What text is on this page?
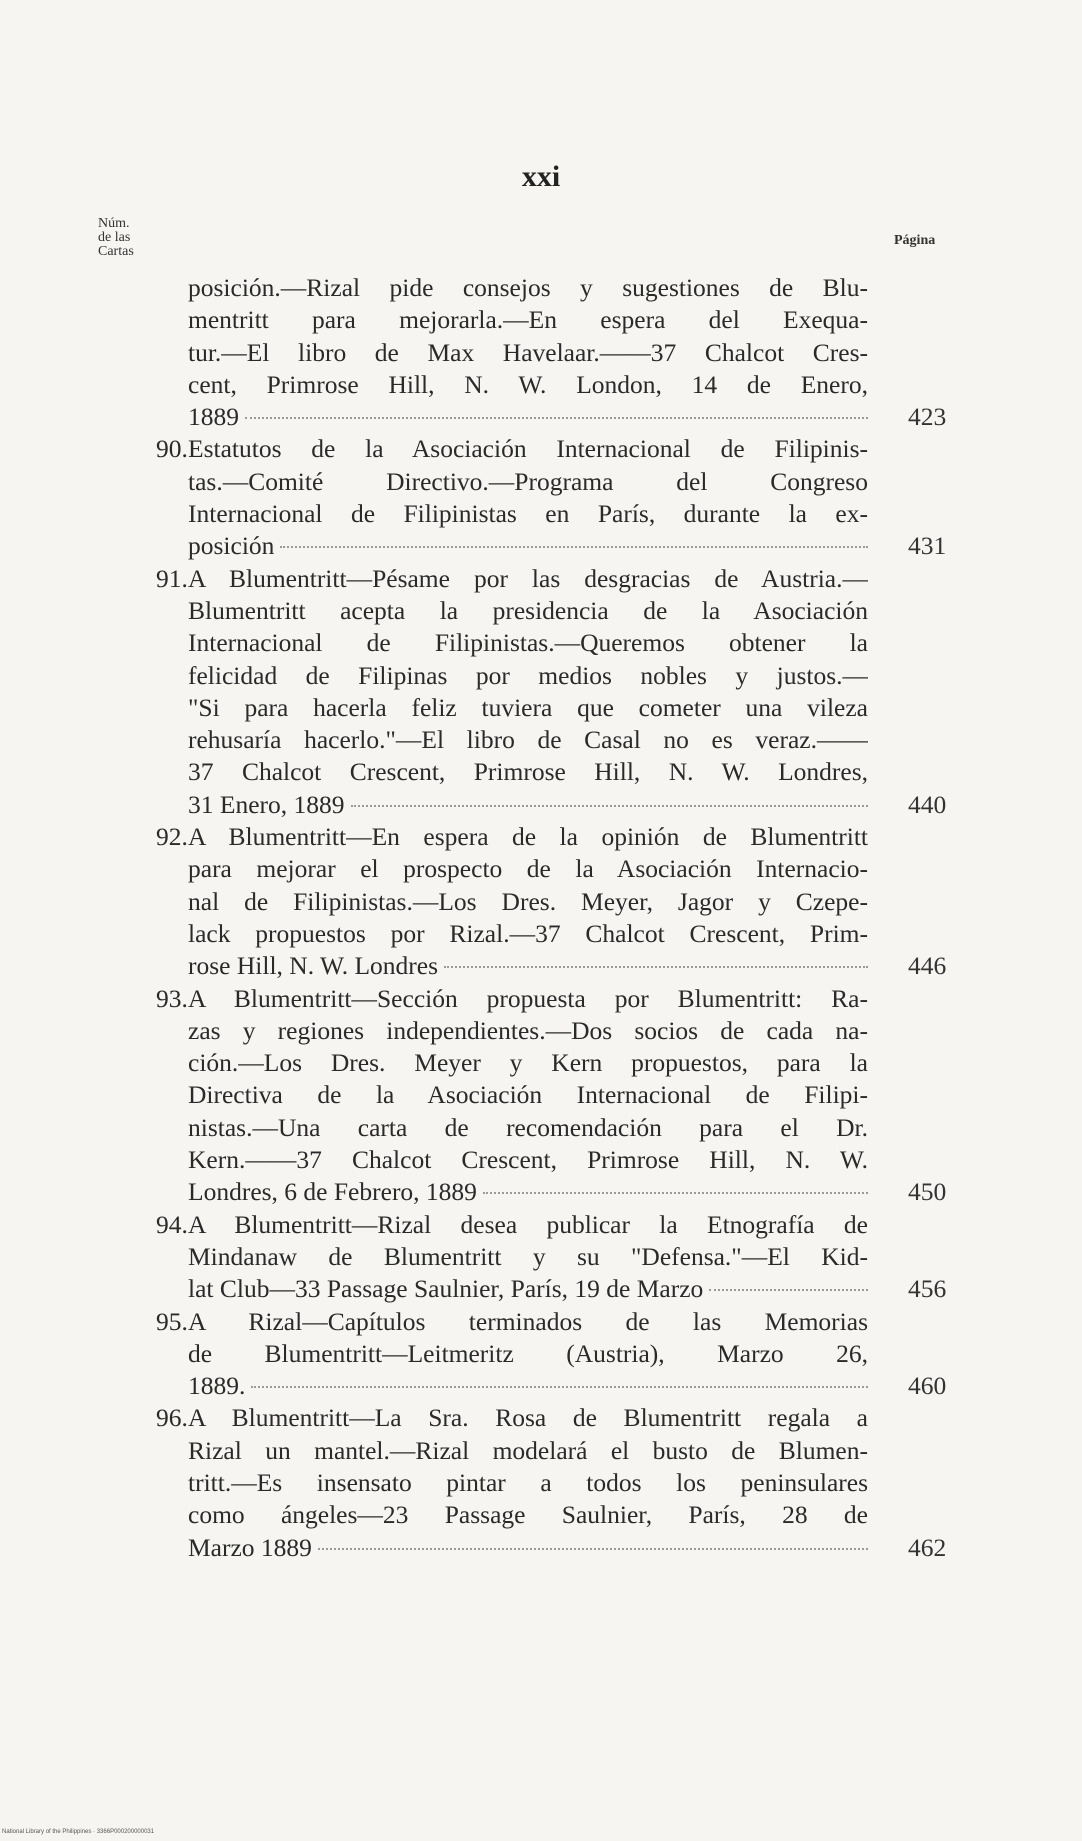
xxi
Núm.
de las
Cartas
Página
posición.—Rizal pide consejos y sugestiones de Blu-
mentritt para mejorarla.—En espera del Exequa-
tur.—El libro de Max Havelaar.——37 Chalcot Cres-
cent, Primrose Hill, N. W. London, 14 de Enero,
1889	423
90. Estatutos de la Asociación Internacional de Filipinis-
tas.—Comité Directivo.—Programa del Congreso
Internacional de Filipinistas en París, durante la ex-
posición	431
91. A Blumentritt—Pésame por las desgracias de Austria.—
Blumentritt acepta la presidencia de la Asociación
Internacional de Filipinistas.—Queremos obtener la
felicidad de Filipinas por medios nobles y justos.—
"Si para hacerla feliz tuviera que cometer una vileza
rehusaría hacerlo."—El libro de Casal no es veraz.——
37 Chalcot Crescent, Primrose Hill, N. W. Londres,
31 Enero, 1889	440
92. A Blumentritt—En espera de la opinión de Blumentritt
para mejorar el prospecto de la Asociación Internacio-
nal de Filipinistas.—Los Dres. Meyer, Jagor y Czepe-
lack propuestos por Rizal.—37 Chalcot Crescent, Prim-
rose Hill, N. W. Londres	446
93. A Blumentritt—Sección propuesta por Blumentritt: Ra-
zas y regiones independientes.—Dos socios de cada na-
ción.—Los Dres. Meyer y Kern propuestos, para la
Directiva de la Asociación Internacional de Filipi-
nistas.—Una carta de recomendación para el Dr.
Kern.——37 Chalcot Crescent, Primrose Hill, N. W.
Londres, 6 de Febrero, 1889	450
94. A Blumentritt—Rizal desea publicar la Etnografía de
Mindanaw de Blumentritt y su "Defensa."—El Kid-
lat Club—33 Passage Saulnier, París, 19 de Marzo	456
95. A Rizal—Capítulos terminados de las Memorias
de Blumentritt—Leitmeritz (Austria), Marzo 26,
1889.	460
96. A Blumentritt—La Sra. Rosa de Blumentritt regala a
Rizal un mantel.—Rizal modelará el busto de Blumen-
tritt.—Es insensato pintar a todos los peninsulares
como ángeles—23 Passage Saulnier, París, 28 de
Marzo 1889	462
National Library of the Philippines · 3366P000200000031
